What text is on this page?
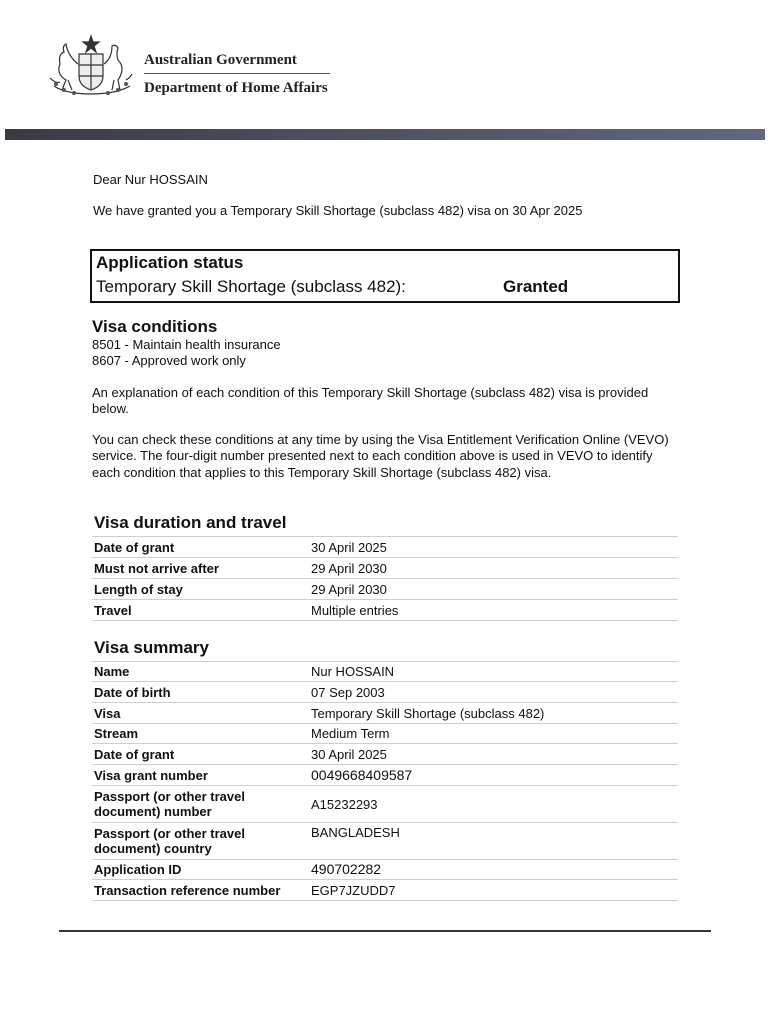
Australian Government
Department of Home Affairs
Dear Nur HOSSAIN
We have granted you a Temporary Skill Shortage (subclass 482) visa on 30 Apr 2025
Application status
Temporary Skill Shortage (subclass 482):	Granted
Visa conditions
8501 - Maintain health insurance
8607 - Approved work only
An explanation of each condition of this Temporary Skill Shortage (subclass 482) visa is provided below.
You can check these conditions at any time by using the Visa Entitlement Verification Online (VEVO) service. The four-digit number presented next to each condition above is used in VEVO to identify each condition that applies to this Temporary Skill Shortage (subclass 482) visa.
Visa duration and travel
Date of grant	30 April 2025
Must not arrive after	29 April 2030
Length of stay	29 April 2030
Travel	Multiple entries
Visa summary
Name	Nur HOSSAIN
Date of birth	07 Sep 2003
Visa	Temporary Skill Shortage (subclass 482)
Stream	Medium Term
Date of grant	30 April 2025
Visa grant number	0049668409587
Passport (or other travel document) number	A15232293
Passport (or other travel document) country	BANGLADESH
Application ID	490702282
Transaction reference number	EGP7JZUDD7
